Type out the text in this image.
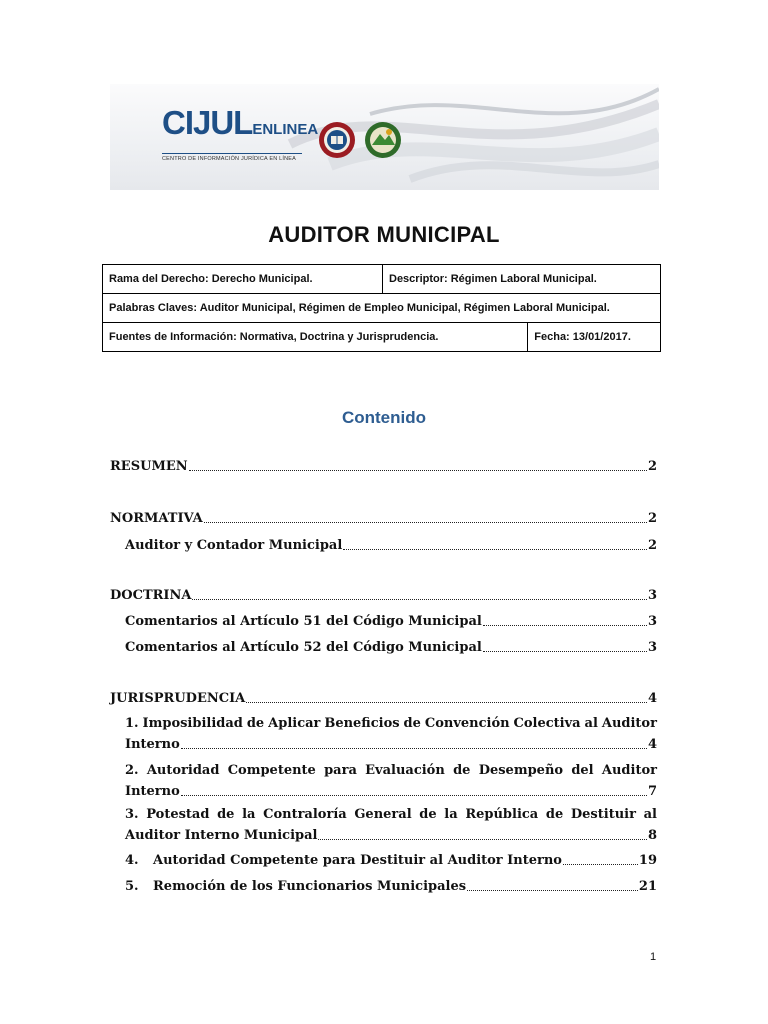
CIJULENLINEA
CENTRO DE INFORMACIÓN JURÍDICA EN LÍNEA
AUDITOR MUNICIPAL
Rama del Derecho: Derecho Municipal.	Descriptor: Régimen Laboral Municipal.	
Palabras Claves: Auditor Municipal, Régimen de Empleo Municipal, Régimen Laboral Municipal.		
Fuentes de Información: Normativa, Doctrina y Jurisprudencia.		Fecha: 13/01/2017.
Contenido
RESUMEN	2
NORMATIVA	2
Auditor y Contador Municipal	2
DOCTRINA	3
Comentarios al Artículo 51 del Código Municipal	3
Comentarios al Artículo 52 del Código Municipal	3
JURISPRUDENCIA	4
1. Imposibilidad de Aplicar Beneficios de Convención Colectiva al Auditor
Interno	4
2. Autoridad Competente para Evaluación de Desempeño del Auditor
Interno	7
3. Potestad de la Contraloría General de la República de Destituir al
Auditor Interno Municipal	8
4.	Autoridad Competente para Destituir al Auditor Interno	19
5.	Remoción de los Funcionarios Municipales	21
1
